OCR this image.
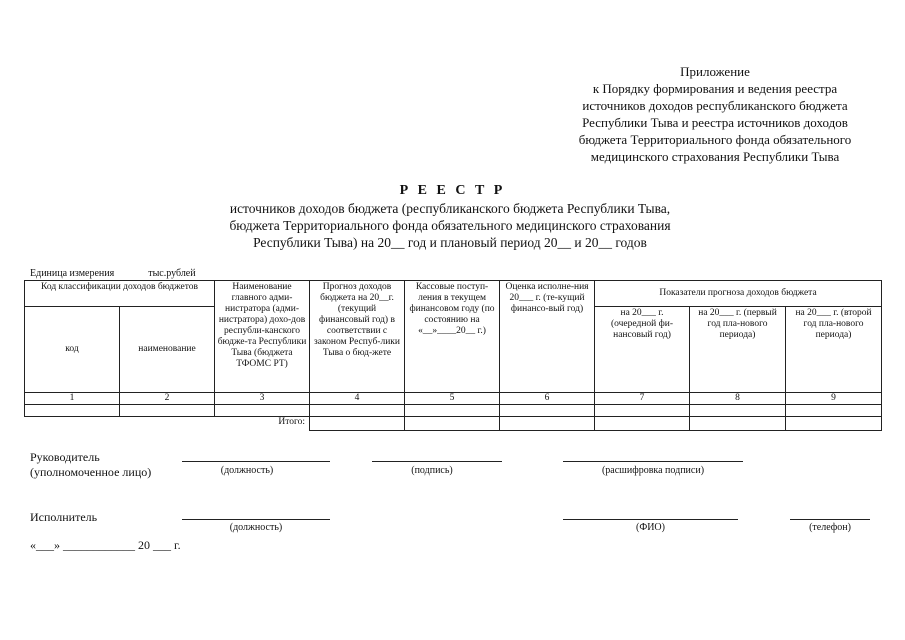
Приложение
к Порядку формирования и ведения реестра
источников доходов республиканского бюджета
Республики Тыва и реестра источников доходов
бюджета Территориального фонда обязательного
медицинского страхования Республики Тыва
Р Е Е С Т Р
источников доходов бюджета (республиканского бюджета Республики Тыва,
бюджета Территориального фонда обязательного медицинского страхования
Республики Тыва) на 20__ год и плановый период 20__ и 20__ годов
Единица измерения	тыс.рублей
Код классификации доходов бюджетов		Наименование главного адми-нистратора (адми-нистратора) дохо-дов республи-канского бюдже-та Республики Тыва (бюджета ТФОМС РТ)	Прогноз доходов бюджета на 20__г. (текущий финансовый год) в соответствии с законом Респуб-лики Тыва о бюд-жете	Кассовые поступ-ления в текущем финансовом году (по состоянию на «__»____20__ г.)	Оценка исполне-ния 20___ г. (те-кущий финансо-вый год)	Показатели прогноза доходов бюджета		
код	наименование					на 20___ г. (очередной фи-нансовый год)	на 20___ г. (первый год пла-нового периода)	на 20___ г. (второй год пла-нового периода)
1	2	3	4	5	6	7	8	9

		Итого:						
Руководитель
(уполномоченное лицо)	(должность)	(подпись)	(расшифровка подписи)
Исполнитель
(должность)	(ФИО)	(телефон)
«___» ____________ 20 ___ г.
